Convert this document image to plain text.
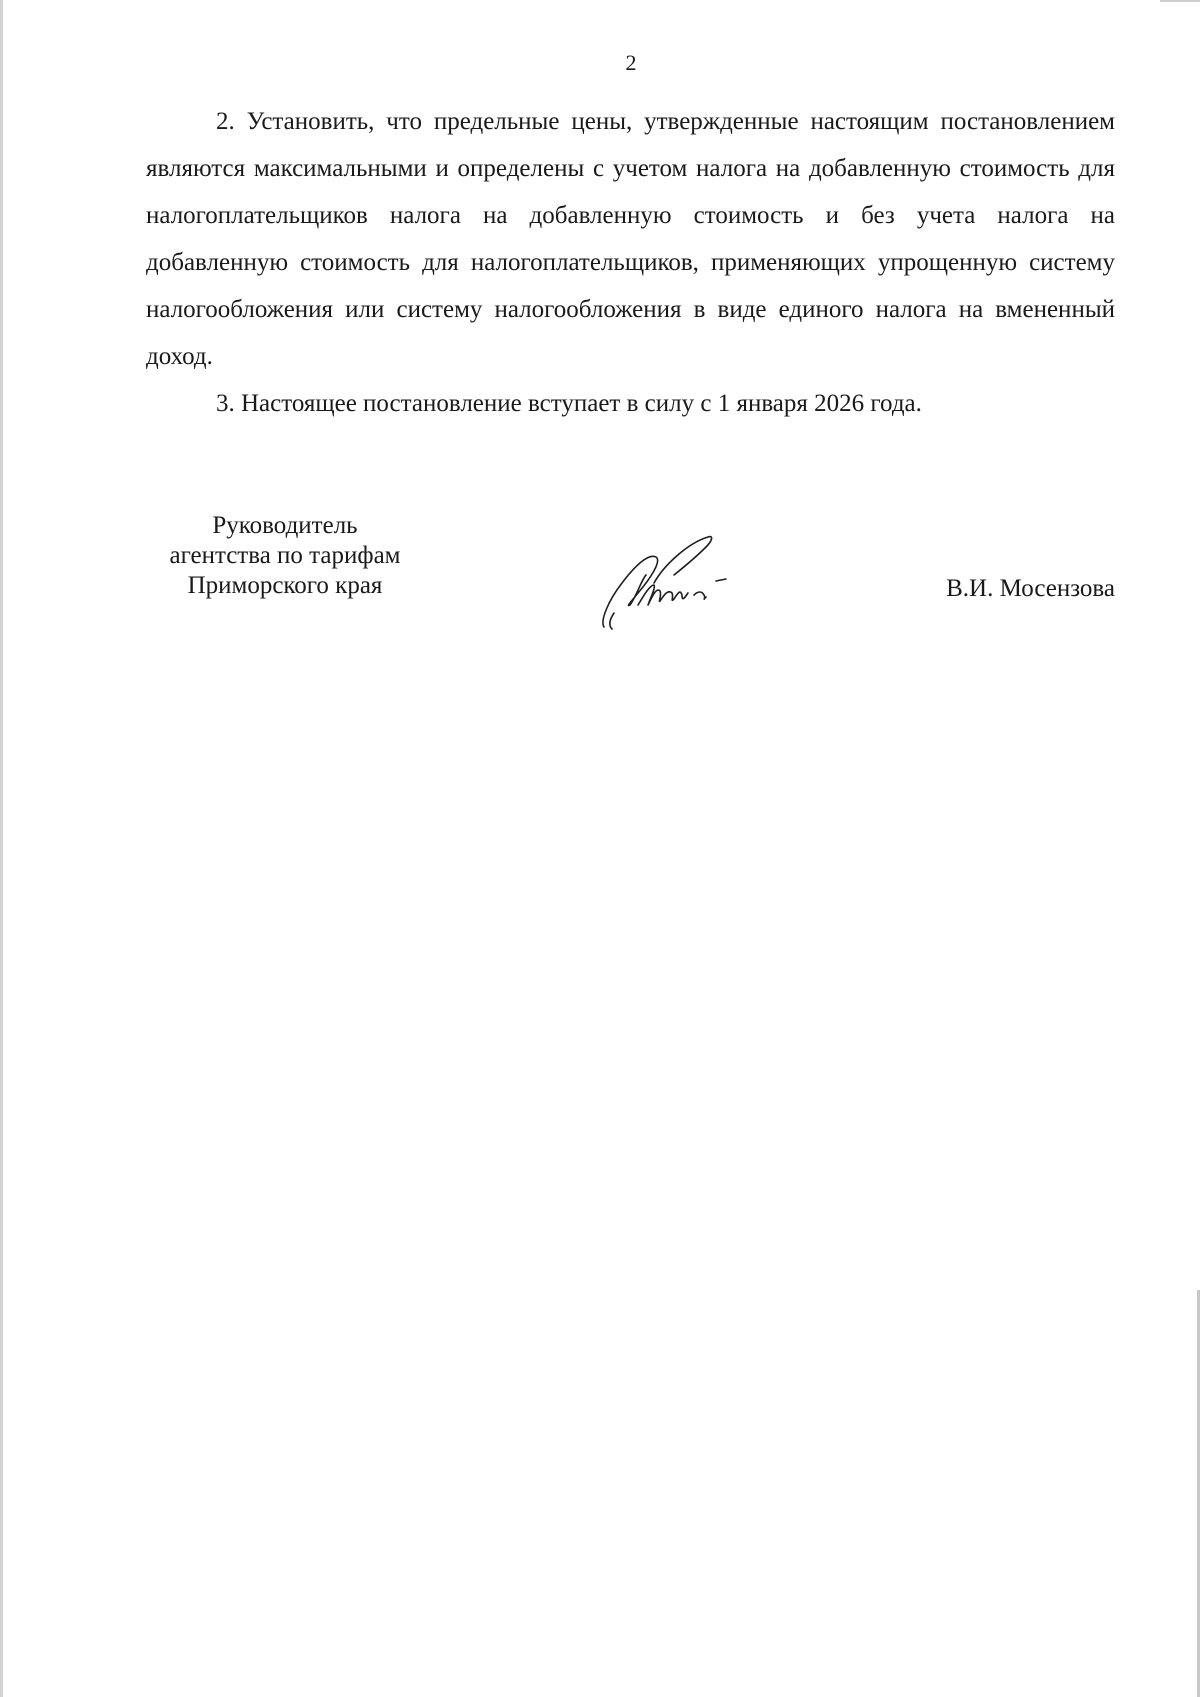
2

2. Установить, что предельные цены, утвержденные настоящим постановлением являются максимальными и определены с учетом налога на добавленную стоимость для налогоплательщиков налога на добавленную стоимость и без учета налога на добавленную стоимость для налогоплательщиков, применяющих упрощенную систему налогообложения или систему налогообложения в виде единого налога на вмененный доход.

3. Настоящее постановление вступает в силу с 1 января 2026 года.

Руководитель
агентства по тарифам
Приморского края	В.И. Мосензова
